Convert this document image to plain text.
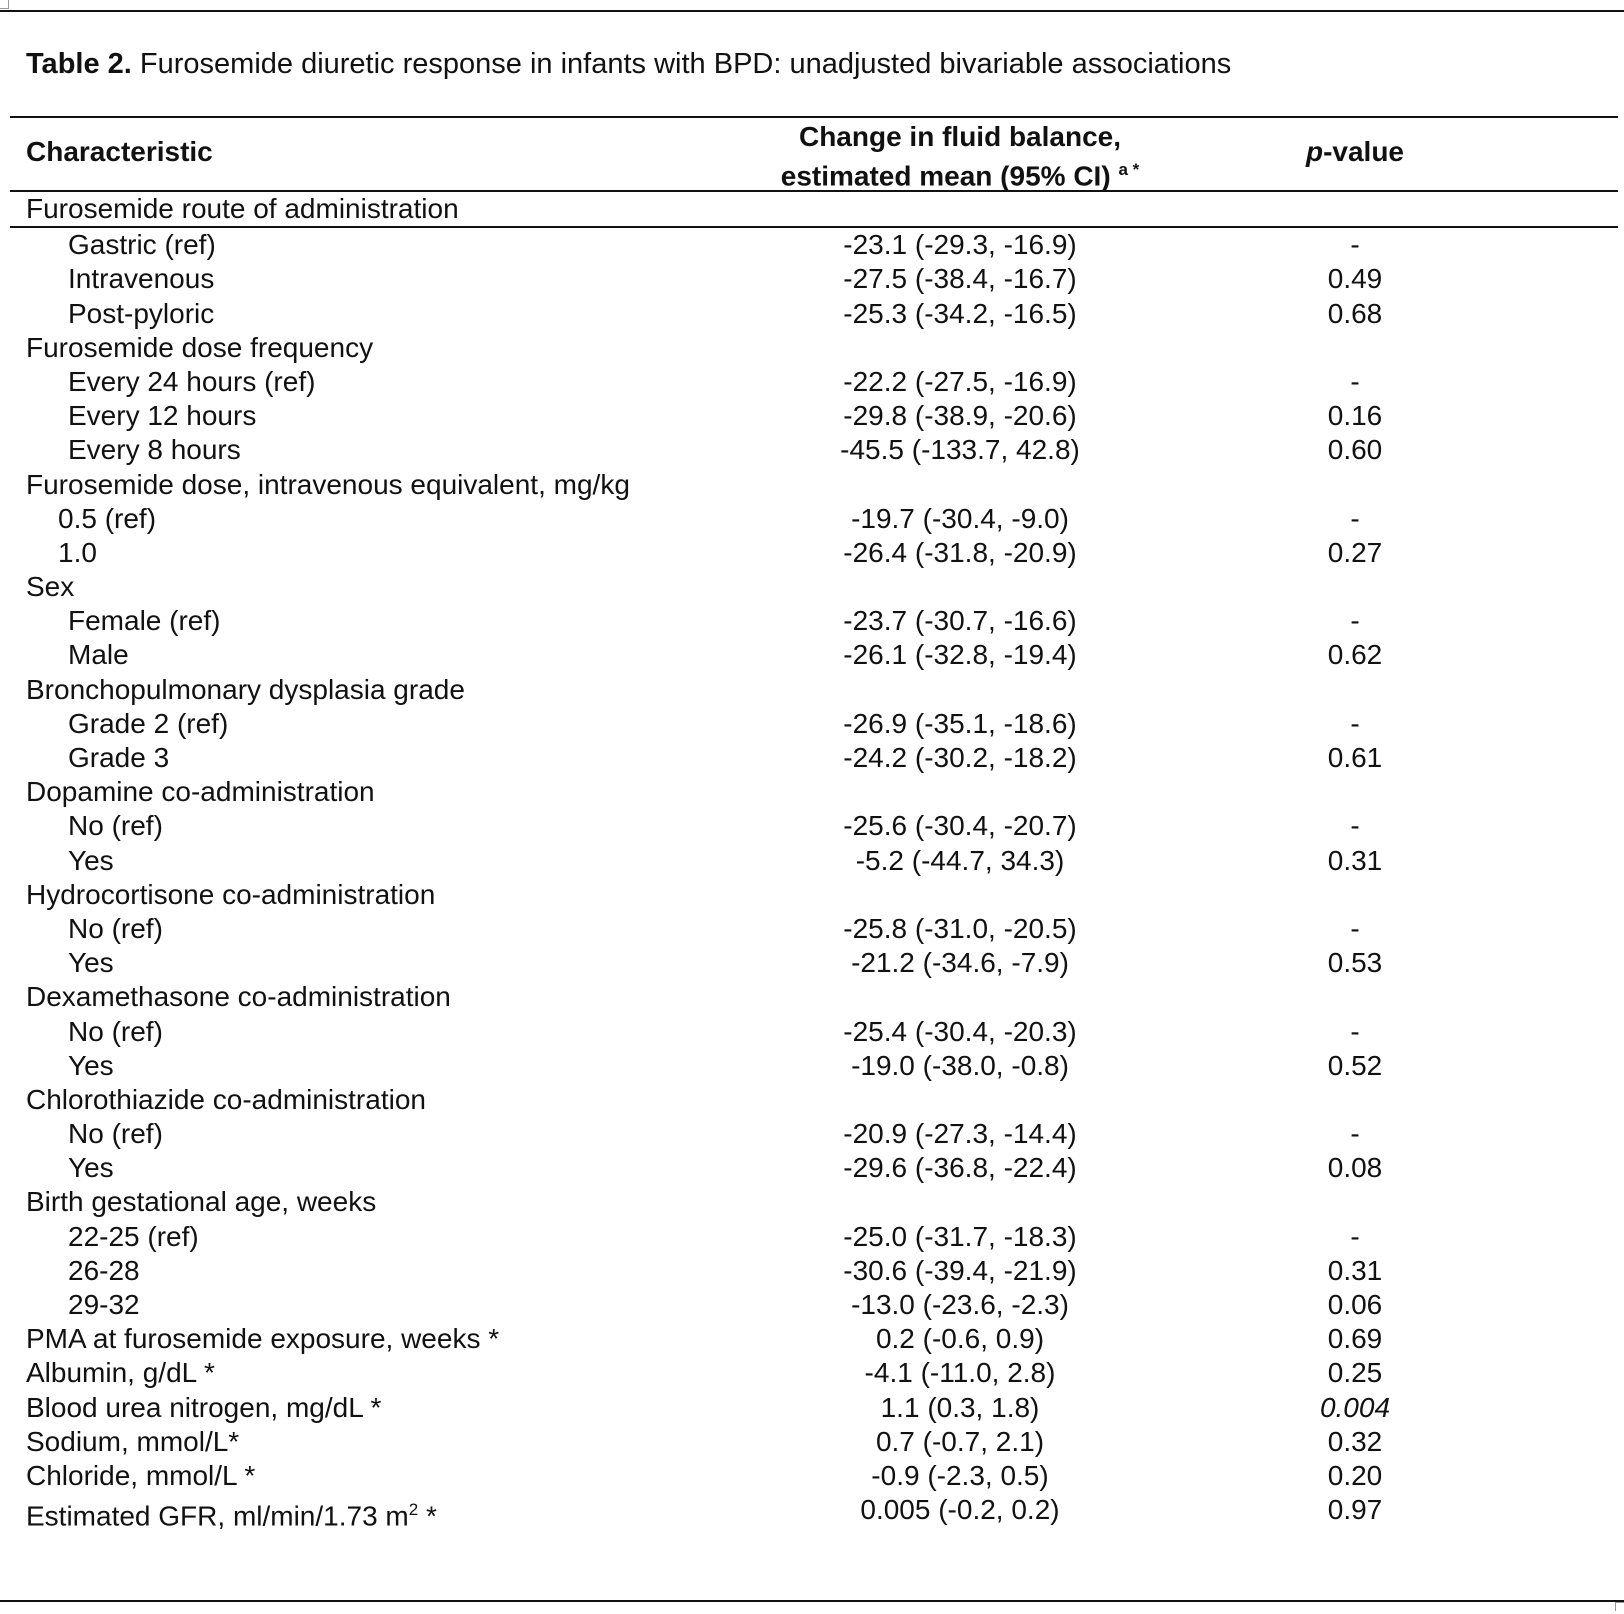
Table 2. Furosemide diuretic response in infants with BPD: unadjusted bivariable associations
Characteristic	Change in fluid balance,
estimated mean (95% CI) $^{a *}$
p-value
Furosemide route of administration
Gastric (ref)	-23.1 (-29.3, -16.9)	-
Intravenous	-27.5 (-38.4, -16.7)	0.49
Post-pyloric	-25.3 (-34.2, -16.5)	0.68
Furosemide dose frequency
Every 24 hours (ref)	-22.2 (-27.5, -16.9)	-
Every 12 hours	-29.8 (-38.9, -20.6)	0.16
Every 8 hours	-45.5 (-133.7, 42.8)	0.60
Furosemide dose, intravenous equivalent, mg/kg
0.5 (ref)	-19.7 (-30.4, -9.0)	-
1.0	-26.4 (-31.8, -20.9)	0.27
Sex
Female (ref)	-23.7 (-30.7, -16.6)	-
Male	-26.1 (-32.8, -19.4)	0.62
Bronchopulmonary dysplasia grade
Grade 2 (ref)	-26.9 (-35.1, -18.6)	-
Grade 3	-24.2 (-30.2, -18.2)	0.61
Dopamine co-administration
No (ref)	-25.6 (-30.4, -20.7)	-
Yes	-5.2 (-44.7, 34.3)	0.31
Hydrocortisone co-administration
No (ref)	-25.8 (-31.0, -20.5)	-
Yes	-21.2 (-34.6, -7.9)	0.53
Dexamethasone co-administration
No (ref)	-25.4 (-30.4, -20.3)	-
Yes	-19.0 (-38.0, -0.8)	0.52
Chlorothiazide co-administration
No (ref)	-20.9 (-27.3, -14.4)	-
Yes	-29.6 (-36.8, -22.4)	0.08
Birth gestational age, weeks
22-25 (ref)	-25.0 (-31.7, -18.3)	-
26-28	-30.6 (-39.4, -21.9)	0.31
29-32	-13.0 (-23.6, -2.3)	0.06
PMA at furosemide exposure, weeks *	0.2 (-0.6, 0.9)	0.69
Albumin, g/dL *	-4.1 (-11.0, 2.8)	0.25
Blood urea nitrogen, mg/dL *	1.1 (0.3, 1.8)	0.004
Sodium, mmol/L*	0.7 (-0.7, 2.1)	0.32
Chloride, mmol/L *	-0.9 (-2.3, 0.5)	0.20
Estimated GFR, ml/min/1.73 $m^2$ *	0.005 (-0.2, 0.2)	0.97
